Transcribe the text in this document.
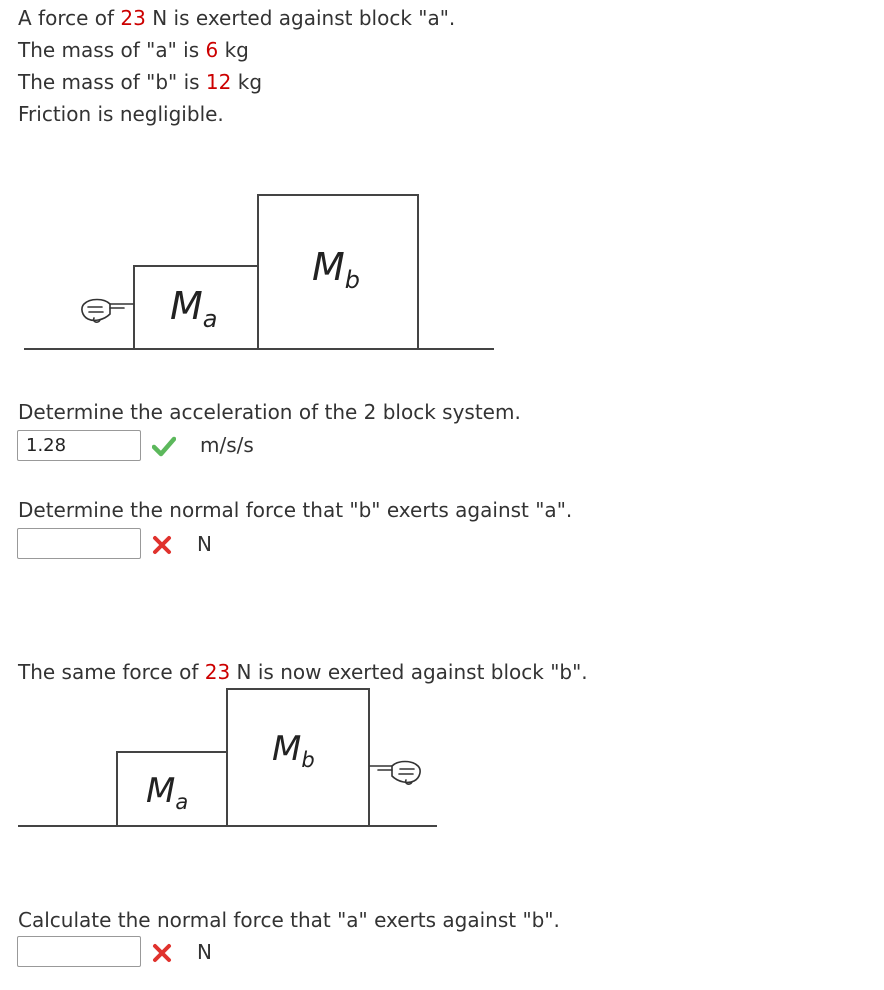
A force of 23 N is exerted against block "a".
The mass of "a" is 6 kg
The mass of "b" is 12 kg
Friction is negligible.
$M_a$
$M_b$
Determine the acceleration of the 2 block system.
1.28
m/s/s
Determine the normal force that "b" exerts against "a".
N
The same force of 23 N is now exerted against block "b".
$M_a$
$M_b$
Calculate the normal force that "a" exerts against "b".
N
